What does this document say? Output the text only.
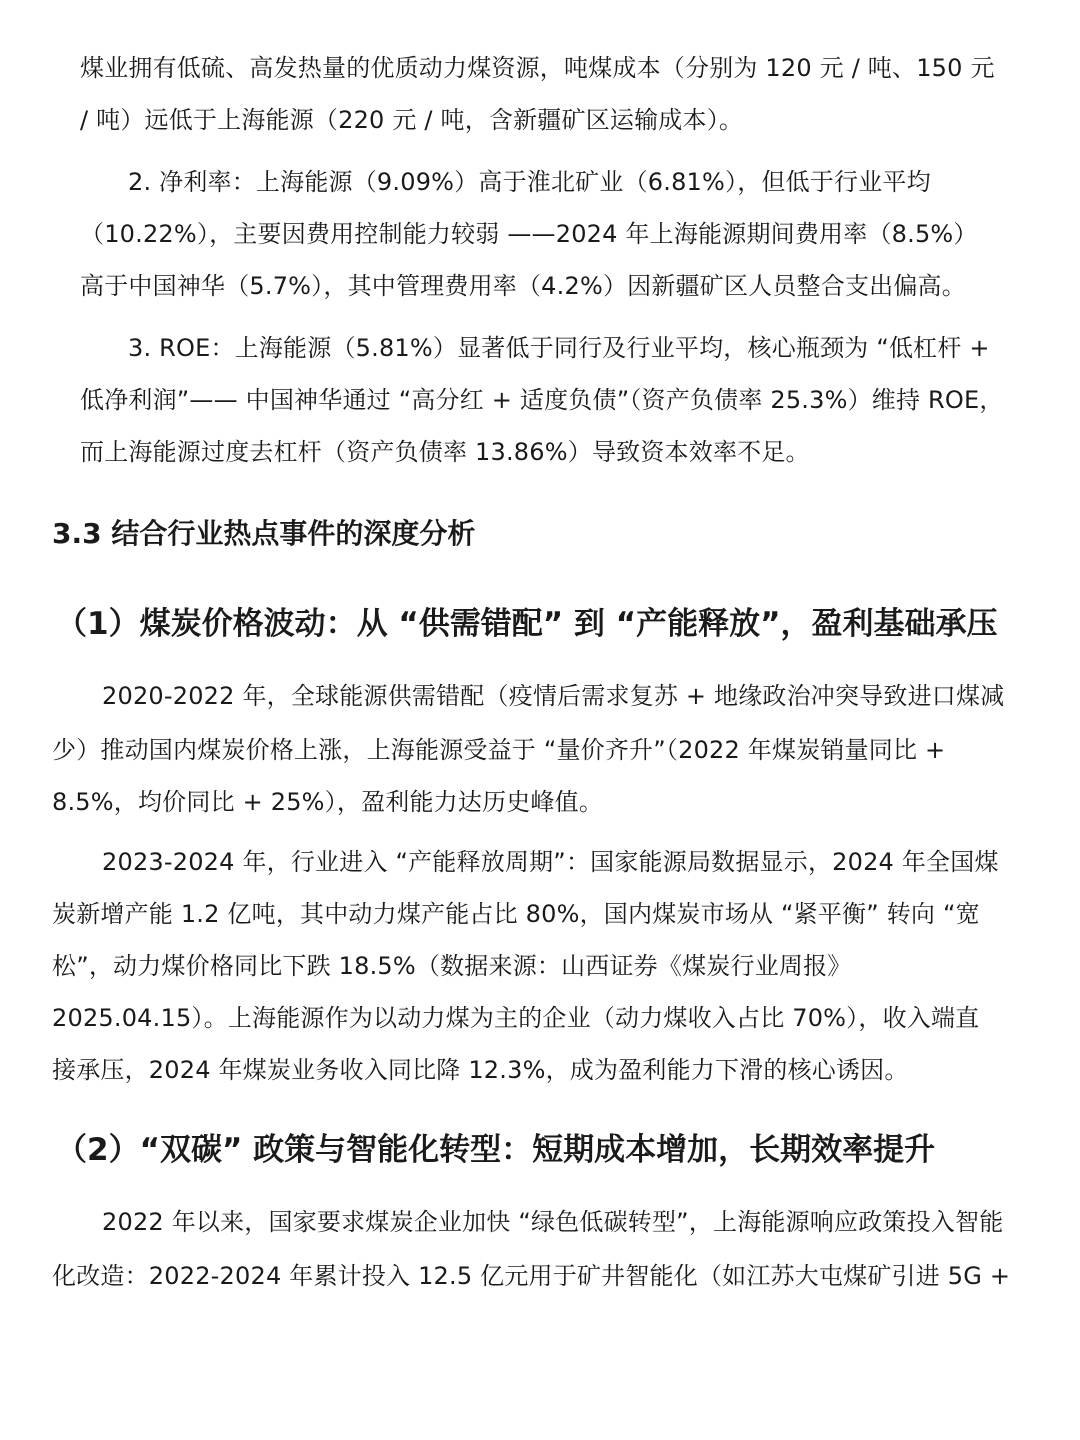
煤业拥有低硫、高发热量的优质动力煤资源，吨煤成本（分别为 120 元 / 吨、150 元
/ 吨）远低于上海能源（220 元 / 吨，含新疆矿区运输成本）。
2. 净利率：上海能源（9.09%）高于淮北矿业（6.81%），但低于行业平均
（10.22%），主要因费用控制能力较弱 ——2024 年上海能源期间费用率（8.5%）
高于中国神华（5.7%），其中管理费用率（4.2%）因新疆矿区人员整合支出偏高。
3. ROE：上海能源（5.81%）显著低于同行及行业平均，核心瓶颈为 “低杠杆 +
低净利润”—— 中国神华通过 “高分红 + 适度负债”（资产负债率 25.3%）维持 ROE，
而上海能源过度去杠杆（资产负债率 13.86%）导致资本效率不足。
3.3 结合行业热点事件的深度分析
（1）煤炭价格波动：从 “供需错配” 到 “产能释放”，盈利基础承压
2020-2022 年，全球能源供需错配（疫情后需求复苏 + 地缘政治冲突导致进口煤减
少）推动国内煤炭价格上涨，上海能源受益于 “量价齐升”（2022 年煤炭销量同比 +
8.5%，均价同比 + 25%），盈利能力达历史峰值。
2023-2024 年，行业进入 “产能释放周期”：国家能源局数据显示，2024 年全国煤
炭新增产能 1.2 亿吨，其中动力煤产能占比 80%，国内煤炭市场从 “紧平衡” 转向 “宽
松”，动力煤价格同比下跌 18.5%（数据来源：山西证券《煤炭行业周报》
2025.04.15）。上海能源作为以动力煤为主的企业（动力煤收入占比 70%），收入端直
接承压，2024 年煤炭业务收入同比降 12.3%，成为盈利能力下滑的核心诱因。
（2）“双碳” 政策与智能化转型：短期成本增加，长期效率提升
2022 年以来，国家要求煤炭企业加快 “绿色低碳转型”，上海能源响应政策投入智能
化改造：2022-2024 年累计投入 12.5 亿元用于矿井智能化（如江苏大屯煤矿引进 5G +
